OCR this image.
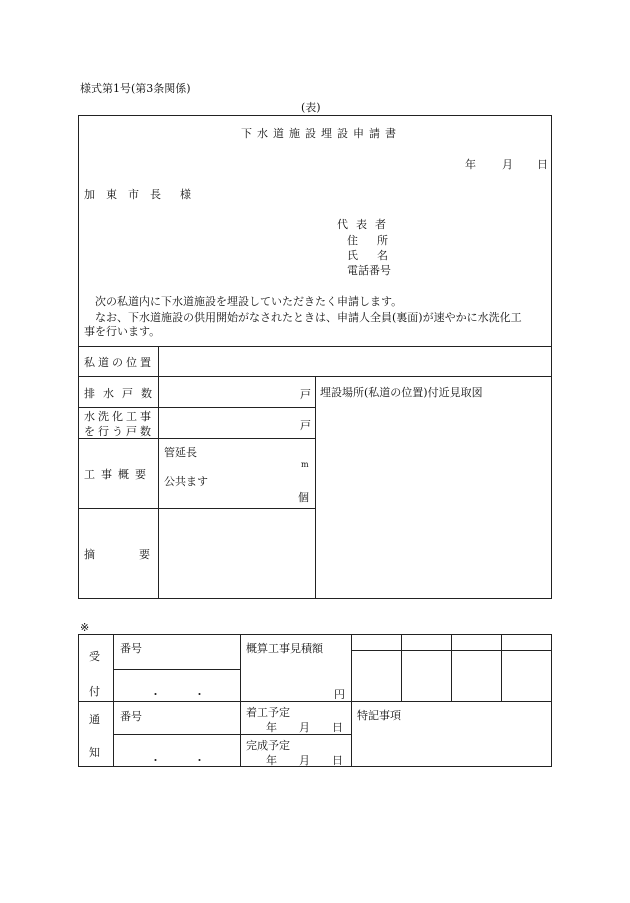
様式第1号(第3条関係)
(表)
下水道施設埋設申請書
年 月 日
加東市長 様
代表者
住所
氏名
電話番号
次の私道内に下水道施設を埋設していただきたく申請します。
なお、下水道施設の供用開始がなされたときは、申請人全員(裏面)が速やかに水洗化工
事を行います。
私道の位置
排水戸数	戸 埋設場所(私道の位置)付近見取図
水洗化工事
を行う戸数	戸
工事概要
管延長
m
公共ます
個
摘要
※
受
付
番号
・　　　・
概算工事見積額
円
通
知
番号
・　　　・
着工予定
年　　月　　日
完成予定
年　　月　　日
特記事項
